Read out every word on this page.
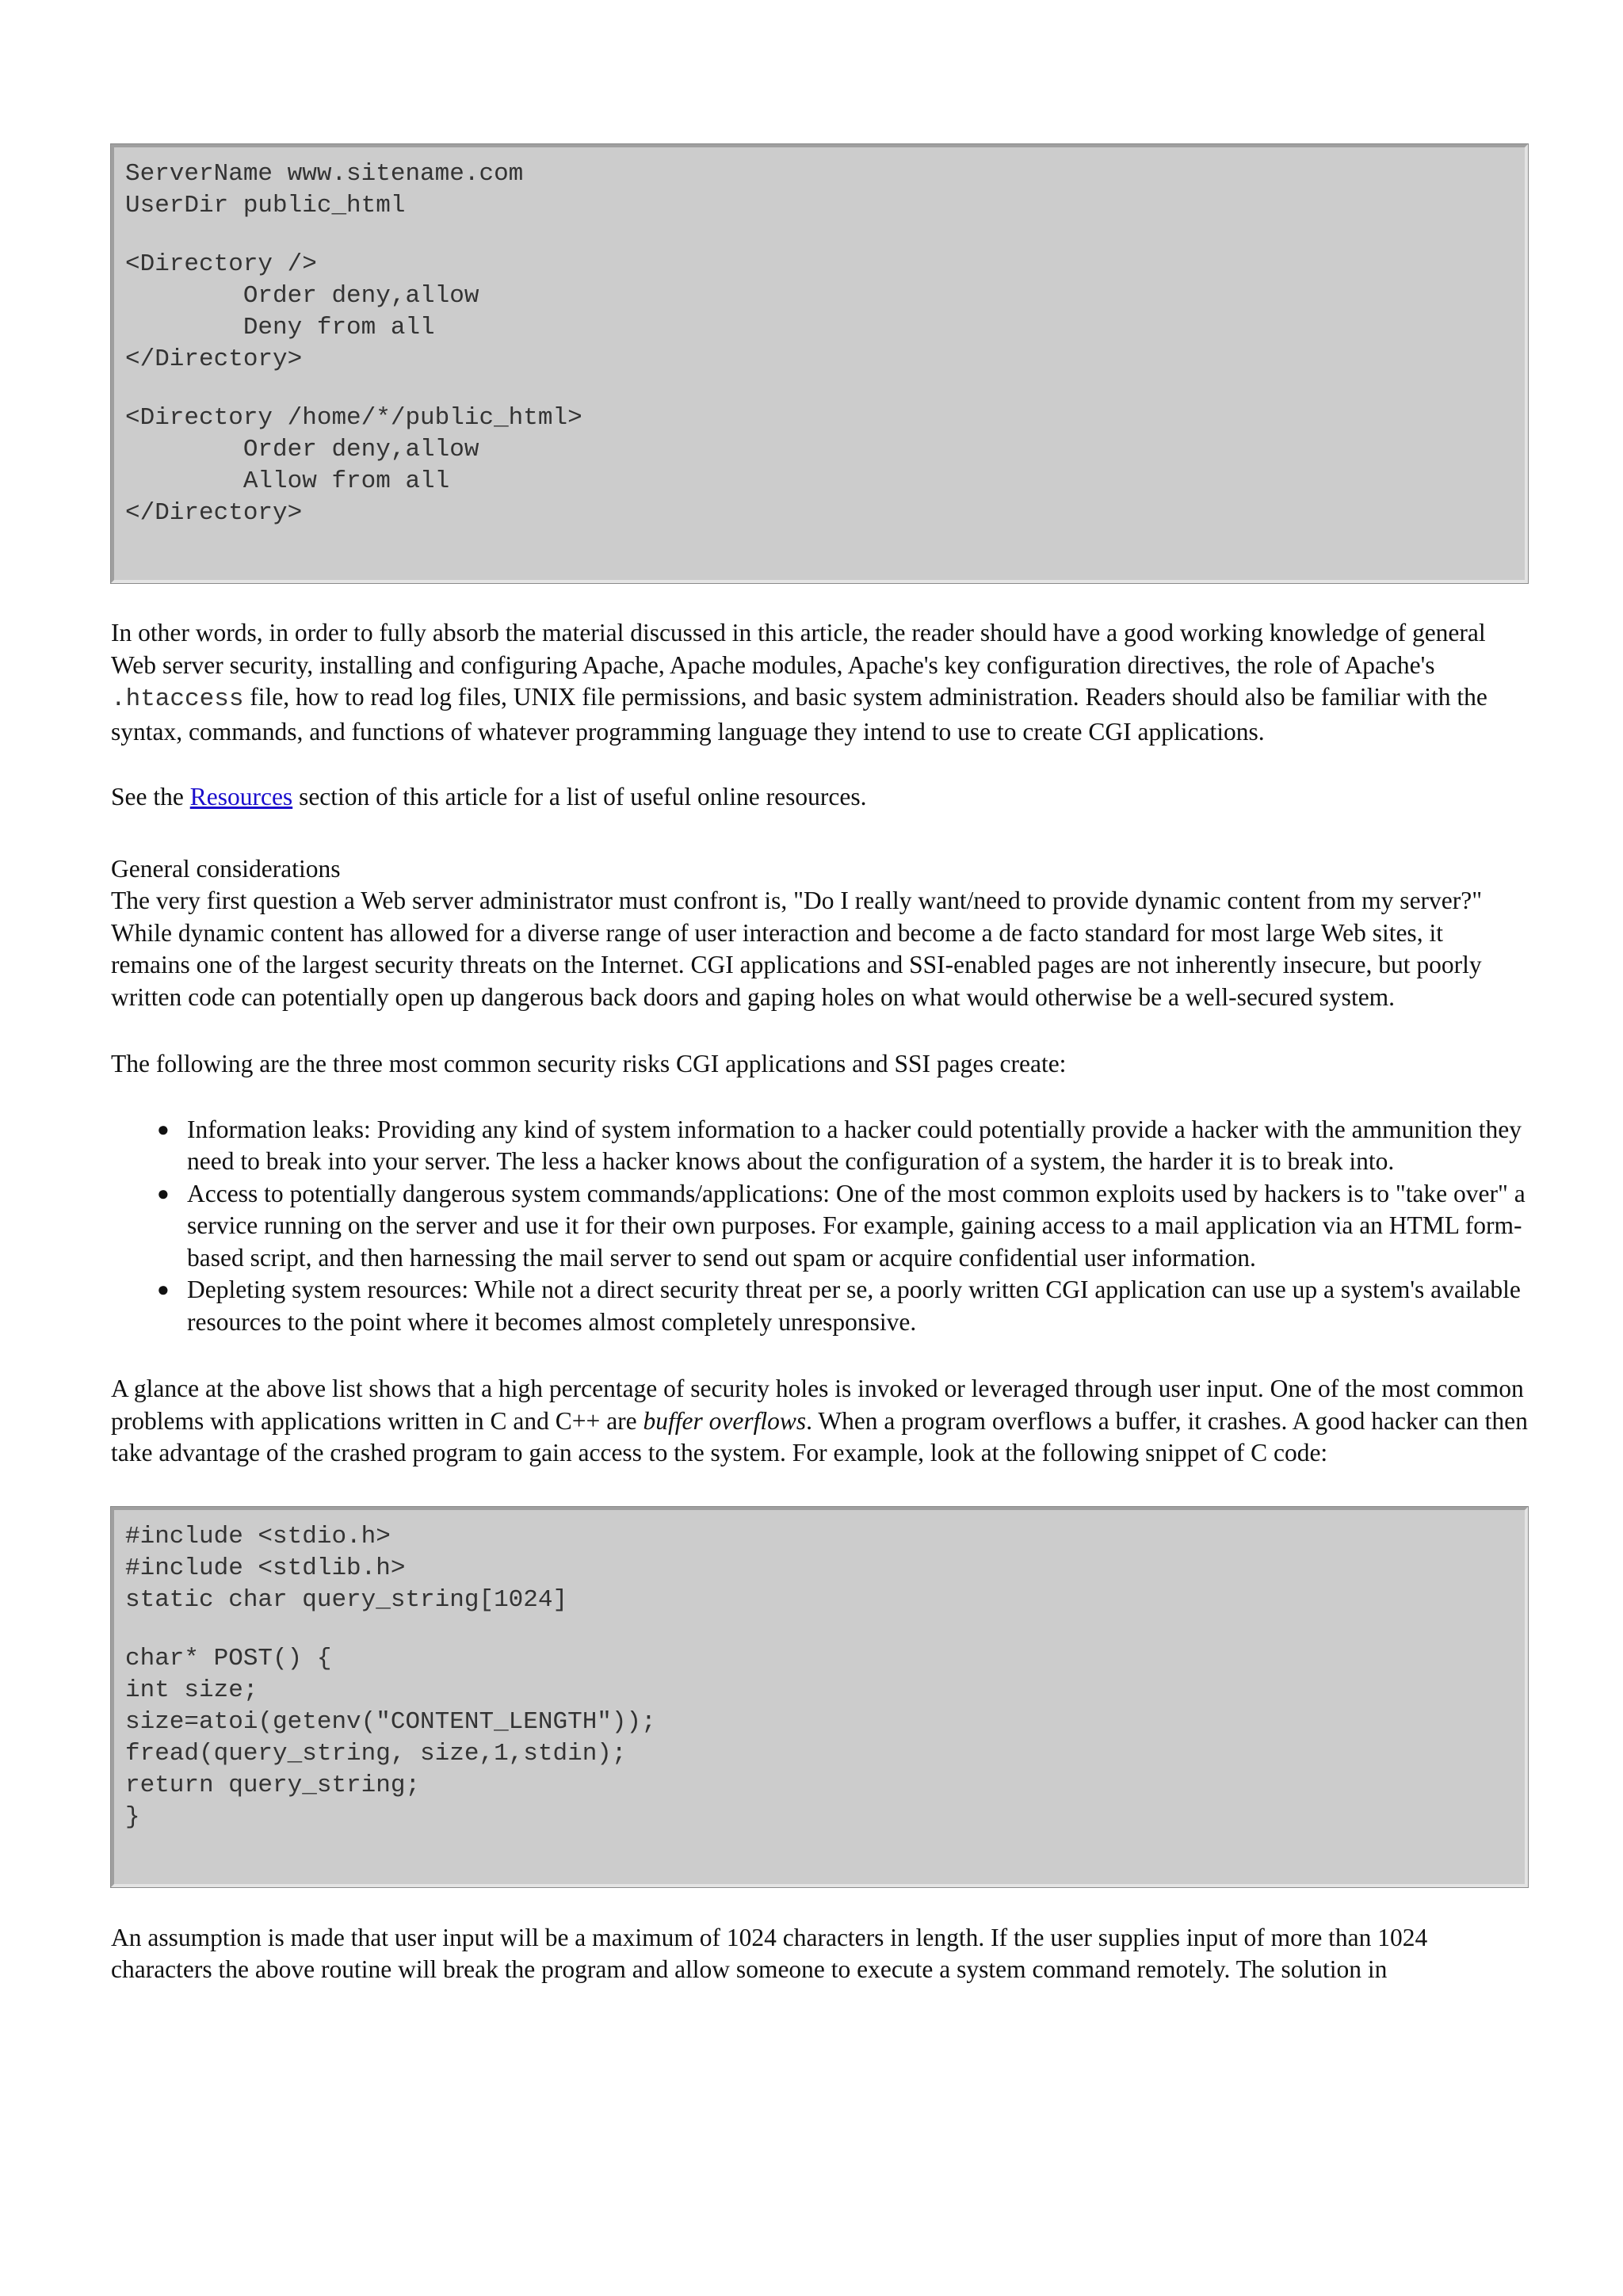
ServerName www.sitename.com
UserDir public_html
<Directory />
Order deny,allow
Deny from all
</Directory>
<Directory /home/*/public_html>
Order deny,allow
Allow from all
</Directory>

In other words, in order to fully absorb the material discussed in this article, the reader should have a good working knowledge of general Web server security, installing and configuring Apache, Apache modules, Apache's key configuration directives, the role of Apache's .htaccess file, how to read log files, UNIX file permissions, and basic system administration. Readers should also be familiar with the syntax, commands, and functions of whatever programming language they intend to use to create CGI applications.

See the Resources section of this article for a list of useful online resources.

General considerations

The very first question a Web server administrator must confront is, "Do I really want/need to provide dynamic content from my server?" While dynamic content has allowed for a diverse range of user interaction and become a de facto standard for most large Web sites, it remains one of the largest security threats on the Internet. CGI applications and SSI-enabled pages are not inherently insecure, but poorly written code can potentially open up dangerous back doors and gaping holes on what would otherwise be a well-secured system.

The following are the three most common security risks CGI applications and SSI pages create:

● Information leaks: Providing any kind of system information to a hacker could potentially provide a hacker with the ammunition they need to break into your server. The less a hacker knows about the configuration of a system, the harder it is to break into.
● Access to potentially dangerous system commands/applications: One of the most common exploits used by hackers is to "take over" a service running on the server and use it for their own purposes. For example, gaining access to a mail application via an HTML form-based script, and then harnessing the mail server to send out spam or acquire confidential user information.
● Depleting system resources: While not a direct security threat per se, a poorly written CGI application can use up a system's available resources to the point where it becomes almost completely unresponsive.

A glance at the above list shows that a high percentage of security holes is invoked or leveraged through user input. One of the most common problems with applications written in C and C++ are buffer overflows. When a program overflows a buffer, it crashes. A good hacker can then take advantage of the crashed program to gain access to the system. For example, look at the following snippet of C code:

#include <stdio.h>
#include <stdlib.h>
static char query_string[1024]
char* POST() {
int size;
size=atoi(getenv("CONTENT_LENGTH"));
fread(query_string, size,1,stdin);
return query_string;
}

An assumption is made that user input will be a maximum of 1024 characters in length. If the user supplies input of more than 1024 characters the above routine will break the program and allow someone to execute a system command remotely. The solution in
